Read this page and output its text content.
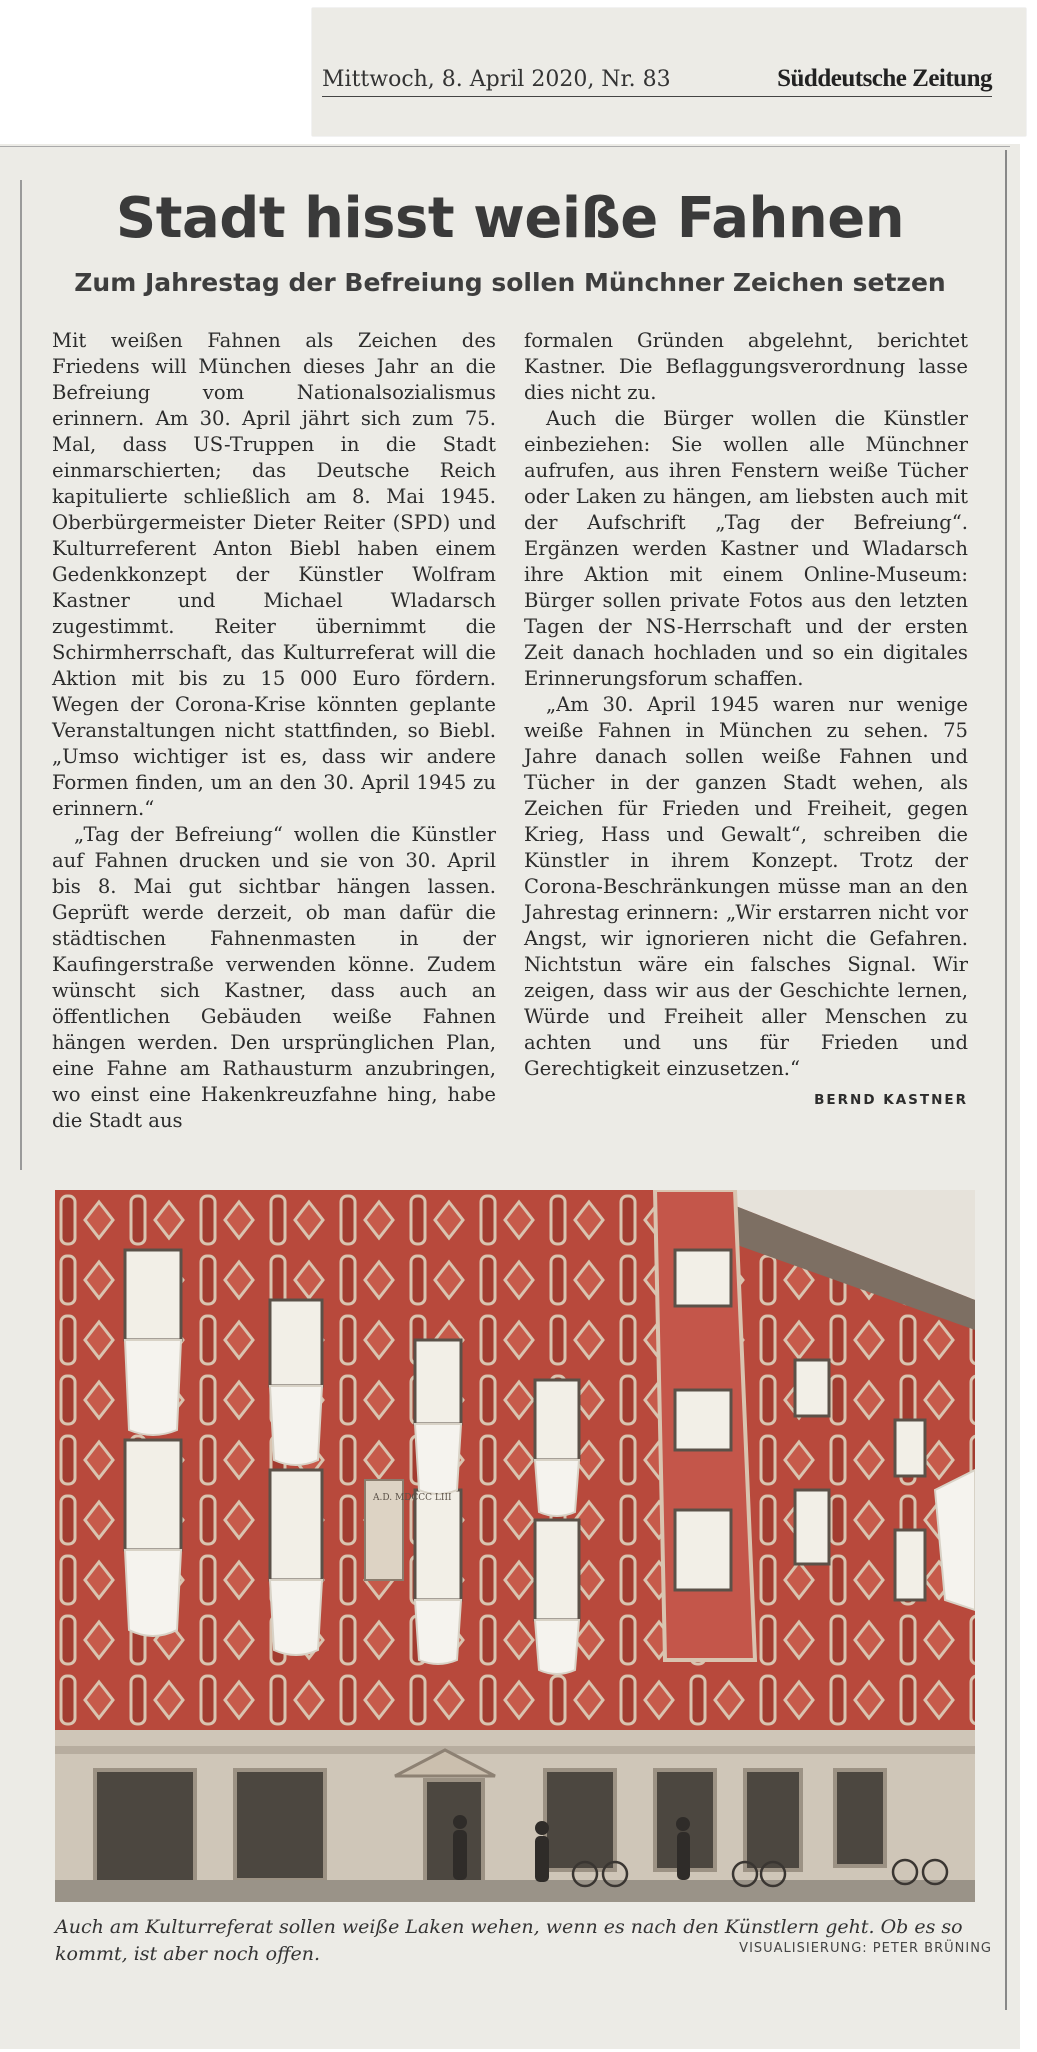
Mittwoch, 8. April 2020, Nr. 83	Süddeutsche Zeitung
Stadt hisst weiße Fahnen
Zum Jahrestag der Befreiung sollen Münchner Zeichen setzen

Mit weißen Fahnen als Zeichen des Friedens will München dieses Jahr an die Befreiung vom Nationalsozialismus erinnern. Am 30. April jährt sich zum 75. Mal, dass US-Truppen in die Stadt einmarschierten; das Deutsche Reich kapitulierte schließlich am 8. Mai 1945. Oberbürgermeister Dieter Reiter (SPD) und Kulturreferent Anton Biebl haben einem Gedenkkonzept der Künstler Wolfram Kastner und Michael Wladarsch zugestimmt. Reiter übernimmt die Schirmherrschaft, das Kulturreferat will die Aktion mit bis zu 15 000 Euro fördern. Wegen der Corona-Krise könnten geplante Veranstaltungen nicht stattfinden, so Biebl. „Umso wichtiger ist es, dass wir andere Formen finden, um an den 30. April 1945 zu erinnern.“

„Tag der Befreiung“ wollen die Künstler auf Fahnen drucken und sie von 30. April bis 8. Mai gut sichtbar hängen lassen. Geprüft werde derzeit, ob man dafür die städtischen Fahnenmasten in der Kaufingerstraße verwenden könne. Zudem wünscht sich Kastner, dass auch an öffentlichen Gebäuden weiße Fahnen hängen werden. Den ursprünglichen Plan, eine Fahne am Rathausturm anzubringen, wo einst eine Hakenkreuzfahne hing, habe die Stadt aus

formalen Gründen abgelehnt, berichtet Kastner. Die Beflaggungsverordnung lasse dies nicht zu.

Auch die Bürger wollen die Künstler einbeziehen: Sie wollen alle Münchner aufrufen, aus ihren Fenstern weiße Tücher oder Laken zu hängen, am liebsten auch mit der Aufschrift „Tag der Befreiung“. Ergänzen werden Kastner und Wladarsch ihre Aktion mit einem Online-Museum: Bürger sollen private Fotos aus den letzten Tagen der NS-Herrschaft und der ersten Zeit danach hochladen und so ein digitales Erinnerungsforum schaffen.

„Am 30. April 1945 waren nur wenige weiße Fahnen in München zu sehen. 75 Jahre danach sollen weiße Fahnen und Tücher in der ganzen Stadt wehen, als Zeichen für Frieden und Freiheit, gegen Krieg, Hass und Gewalt“, schreiben die Künstler in ihrem Konzept. Trotz der Corona-Beschränkungen müsse man an den Jahrestag erinnern: „Wir erstarren nicht vor Angst, wir ignorieren nicht die Gefahren. Nichtstun wäre ein falsches Signal. Wir zeigen, dass wir aus der Geschichte lernen, Würde und Freiheit aller Menschen zu achten und uns für Frieden und Gerechtigkeit einzusetzen.“
BERND KASTNER

A.D. MDCCC LIII
Auch am Kulturreferat sollen weiße Laken wehen, wenn es nach den Künstlern geht. Ob es so kommt, ist aber noch offen.	VISUALISIERUNG: PETER BRÜNING
